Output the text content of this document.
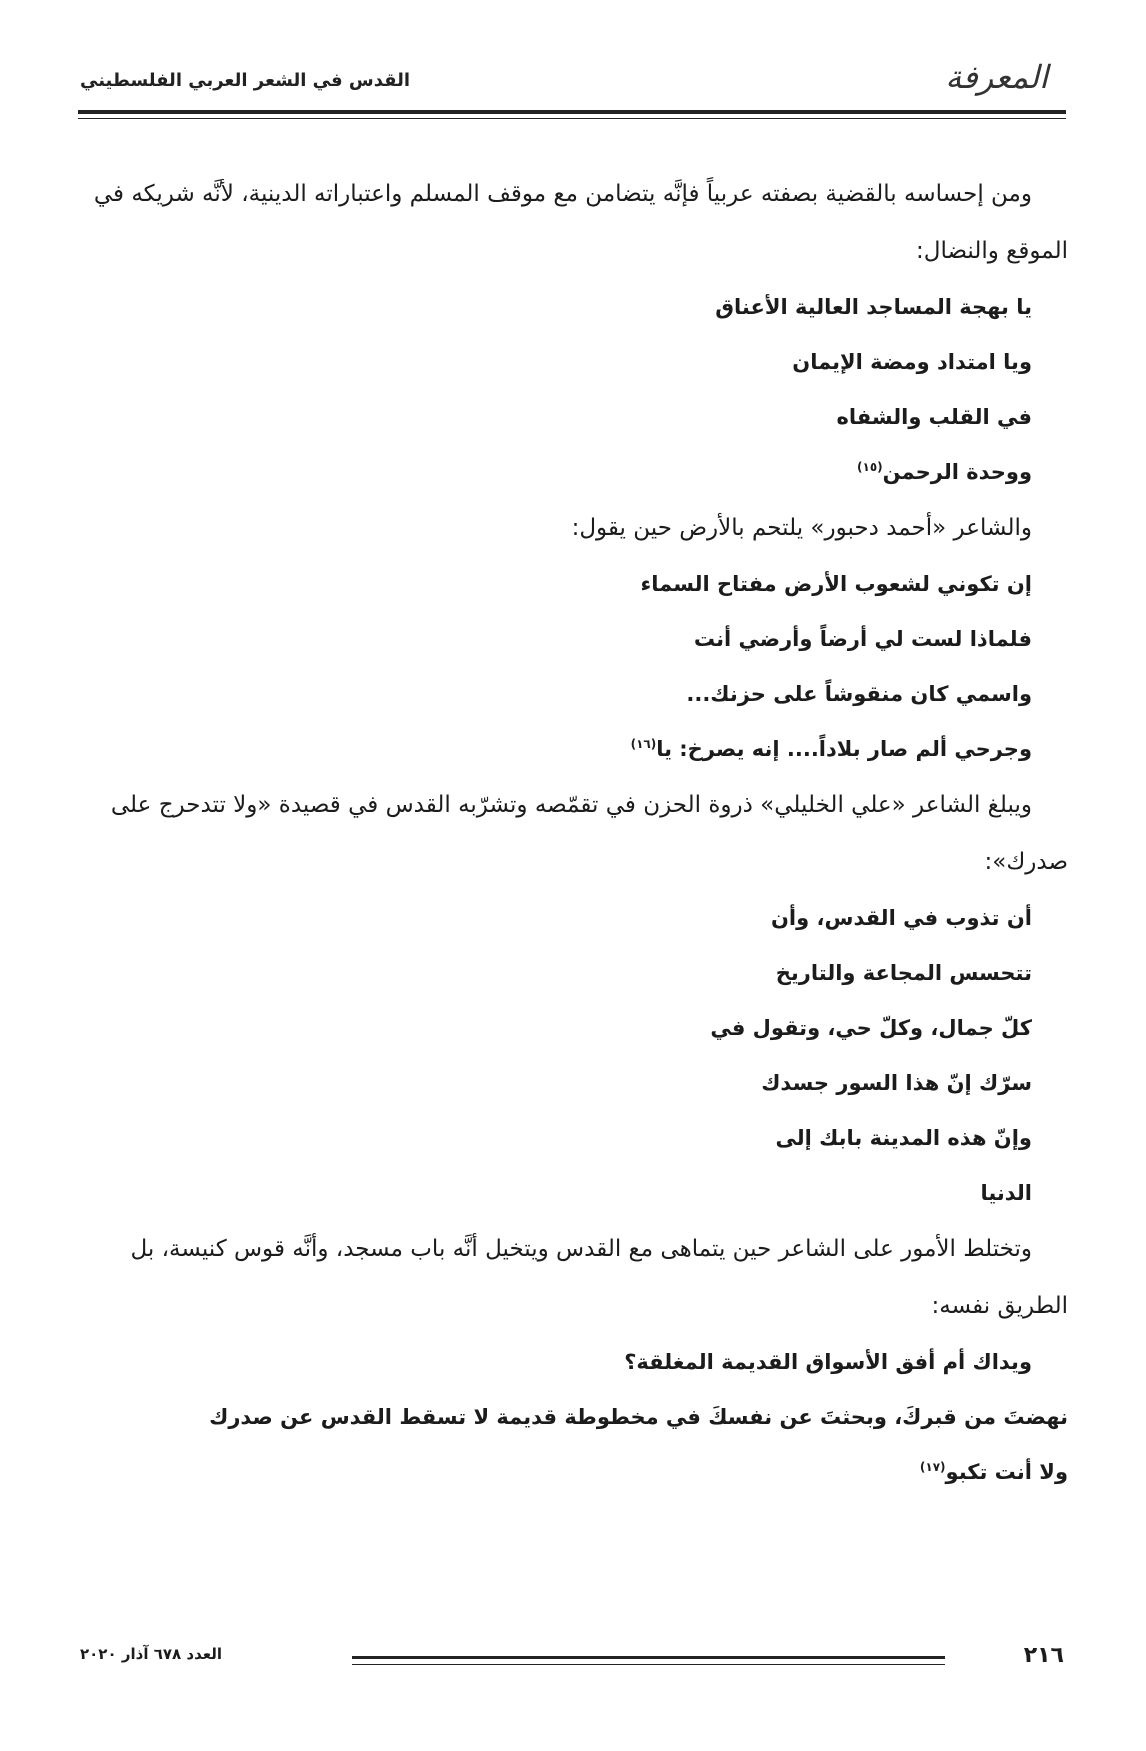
المعرفة
القدس في الشعر العربي الفلسطيني

ومن إحساسه بالقضية بصفته عربياً فإنَّه يتضامن مع موقف المسلم واعتباراته الدينية، لأنَّه شريكه في الموقع والنضال:

يا بهجة المساجد العالية الأعناق

ويا امتداد ومضة الإيمان

في القلب والشفاه

ووحدة الرحمن$^{(١٥)}$

والشاعر «أحمد دحبور» يلتحم بالأرض حين يقول:

إن تكوني لشعوب الأرض مفتاح السماء

فلماذا لست لي أرضاً وأرضي أنت

واسمي كان منقوشاً على حزنك...

وجرحي ألم صار بلاداً.... إنه يصرخ: يا$^{(١٦)}$

ويبلغ الشاعر «علي الخليلي» ذروة الحزن في تقمّصه وتشرّبه القدس في قصيدة «ولا تتدحرج على صدرك»:

أن تذوب في القدس، وأن

تتحسس المجاعة والتاريخ

كلّ جمال، وكلّ حي، وتقول في

سرّك إنّ هذا السور جسدك

وإنّ هذه المدينة بابك إلى

الدنيا

وتختلط الأمور على الشاعر حين يتماهى مع القدس ويتخيل أنَّه باب مسجد، وأنَّه قوس كنيسة، بل الطريق نفسه:

ويداك أم أفق الأسواق القديمة المغلقة؟

نهضتَ من قبركَ، وبحثتَ عن نفسكَ في مخطوطة قديمة لا تسقط القدس عن صدرك

ولا أنت تكبو$^{(١٧)}$

٢١٦
العدد ٦٧٨ آذار ٢٠٢٠
